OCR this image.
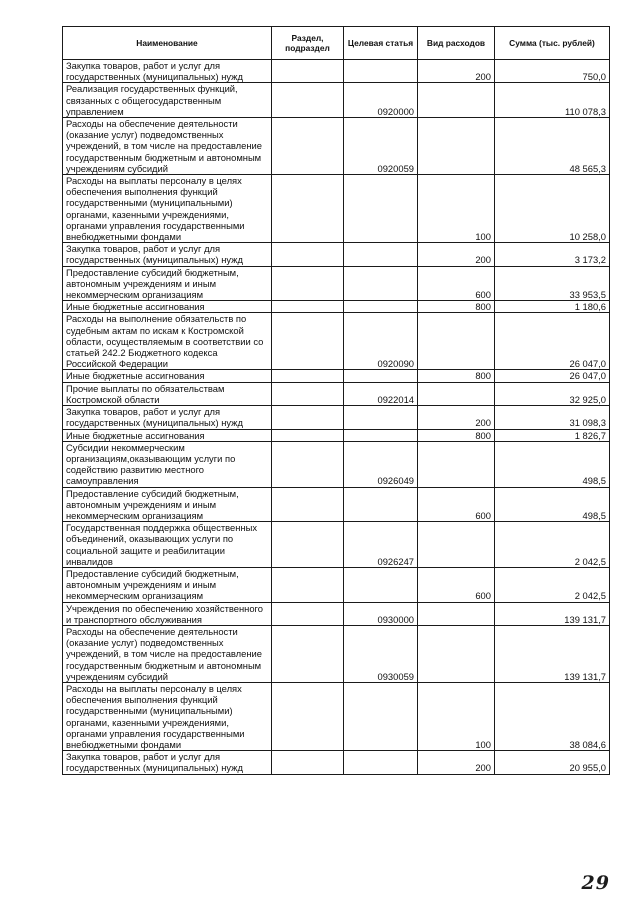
Наименование	Раздел, подраздел	Целевая статья	Вид расходов	Сумма (тыс. рублей)
Закупка товаров, работ и услуг для государственных (муниципальных) нужд			200	750,0
Реализация государственных функций, связанных с общегосударственным управлением		0920000		110 078,3
Расходы на обеспечение деятельности (оказание услуг) подведомственных учреждений, в том числе на предоставление государственным бюджетным и автономным учреждениям субсидий		0920059		48 565,3
Расходы на выплаты персоналу в целях обеспечения выполнения функций государственными (муниципальными) органами, казенными учреждениями, органами управления государственными внебюджетными фондами			100	10 258,0
Закупка товаров, работ и услуг для государственных (муниципальных) нужд			200	3 173,2
Предоставление субсидий бюджетным, автономным учреждениям и иным некоммерческим организациям			600	33 953,5
Иные бюджетные ассигнования			800	1 180,6
Расходы на выполнение обязательств по судебным актам по искам к Костромской области, осуществляемым в соответствии со статьей 242.2 Бюджетного кодекса Российской Федерации		0920090		26 047,0
Иные бюджетные ассигнования			800	26 047,0
Прочие выплаты по обязательствам Костромской области		0922014		32 925,0
Закупка товаров, работ и услуг для государственных (муниципальных) нужд			200	31 098,3
Иные бюджетные ассигнования			800	1 826,7
Субсидии некоммерческим организациям,оказывающим услуги по содействию развитию местного самоуправления		0926049		498,5
Предоставление субсидий бюджетным, автономным учреждениям и иным некоммерческим организациям			600	498,5
Государственная поддержка общественных объединений, оказывающих услуги по социальной защите и реабилитации инвалидов		0926247		2 042,5
Предоставление субсидий бюджетным, автономным учреждениям и иным некоммерческим организациям			600	2 042,5
Учреждения по обеспечению хозяйственного и транспортного обслуживания		0930000		139 131,7
Расходы на обеспечение деятельности (оказание услуг) подведомственных учреждений, в том числе на предоставление государственным бюджетным и автономным учреждениям субсидий		0930059		139 131,7
Расходы на выплаты персоналу в целях обеспечения выполнения функций государственными (муниципальными) органами, казенными учреждениями, органами управления государственными внебюджетными фондами			100	38 084,6
Закупка товаров, работ и услуг для государственных (муниципальных) нужд			200	20 955,0
29
